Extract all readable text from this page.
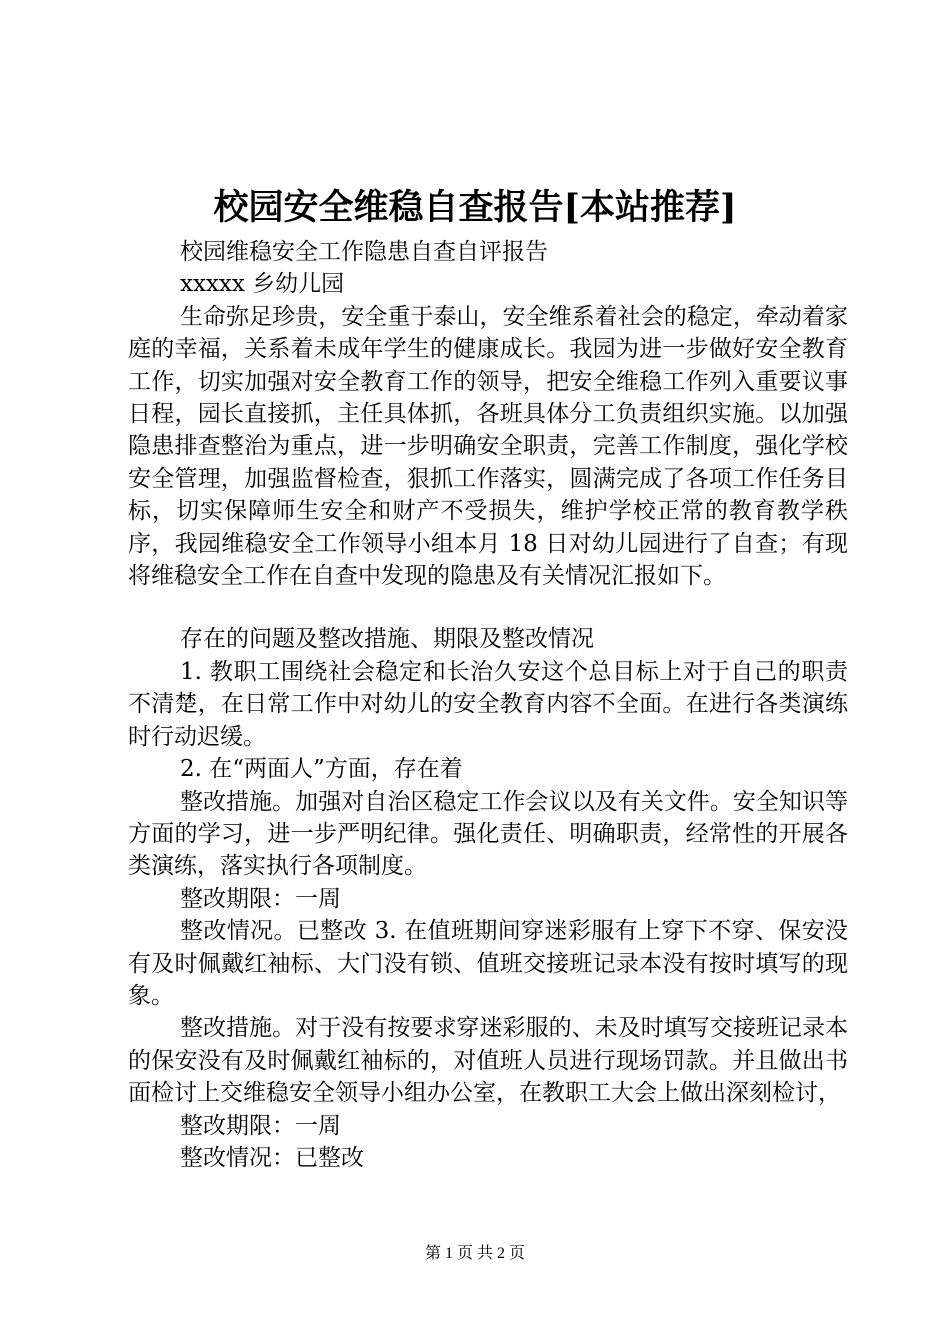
校园安全维稳自查报告[本站推荐]

校园维稳安全工作隐患自查自评报告

xxxxx 乡幼儿园

生命弥足珍贵，安全重于泰山，安全维系着社会的稳定，牵动着家庭的幸福，关系着未成年学生的健康成长。我园为进一步做好安全教育工作，切实加强对安全教育工作的领导，把安全维稳工作列入重要议事日程，园长直接抓，主任具体抓，各班具体分工负责组织实施。以加强隐患排查整治为重点，进一步明确安全职责，完善工作制度，强化学校安全管理，加强监督检查，狠抓工作落实，圆满完成了各项工作任务目标，切实保障师生安全和财产不受损失，维护学校正常的教育教学秩序，我园维稳安全工作领导小组本月 18 日对幼儿园进行了自查；有现将维稳安全工作在自查中发现的隐患及有关情况汇报如下。

存在的问题及整改措施、期限及整改情况

1. 教职工围绕社会稳定和长治久安这个总目标上对于自己的职责不清楚，在日常工作中对幼儿的安全教育内容不全面。在进行各类演练时行动迟缓。

2. 在“两面人”方面，存在着

整改措施。加强对自治区稳定工作会议以及有关文件。安全知识等方面的学习，进一步严明纪律。强化责任、明确职责，经常性的开展各类演练，落实执行各项制度。

整改期限：一周

整改情况。已整改 3. 在值班期间穿迷彩服有上穿下不穿、保安没有及时佩戴红袖标、大门没有锁、值班交接班记录本没有按时填写的现象。

整改措施。对于没有按要求穿迷彩服的、未及时填写交接班记录本的保安没有及时佩戴红袖标的，对值班人员进行现场罚款。并且做出书面检讨上交维稳安全领导小组办公室，在教职工大会上做出深刻检讨，

整改期限：一周

整改情况：已整改

第 1 页 共 2 页
